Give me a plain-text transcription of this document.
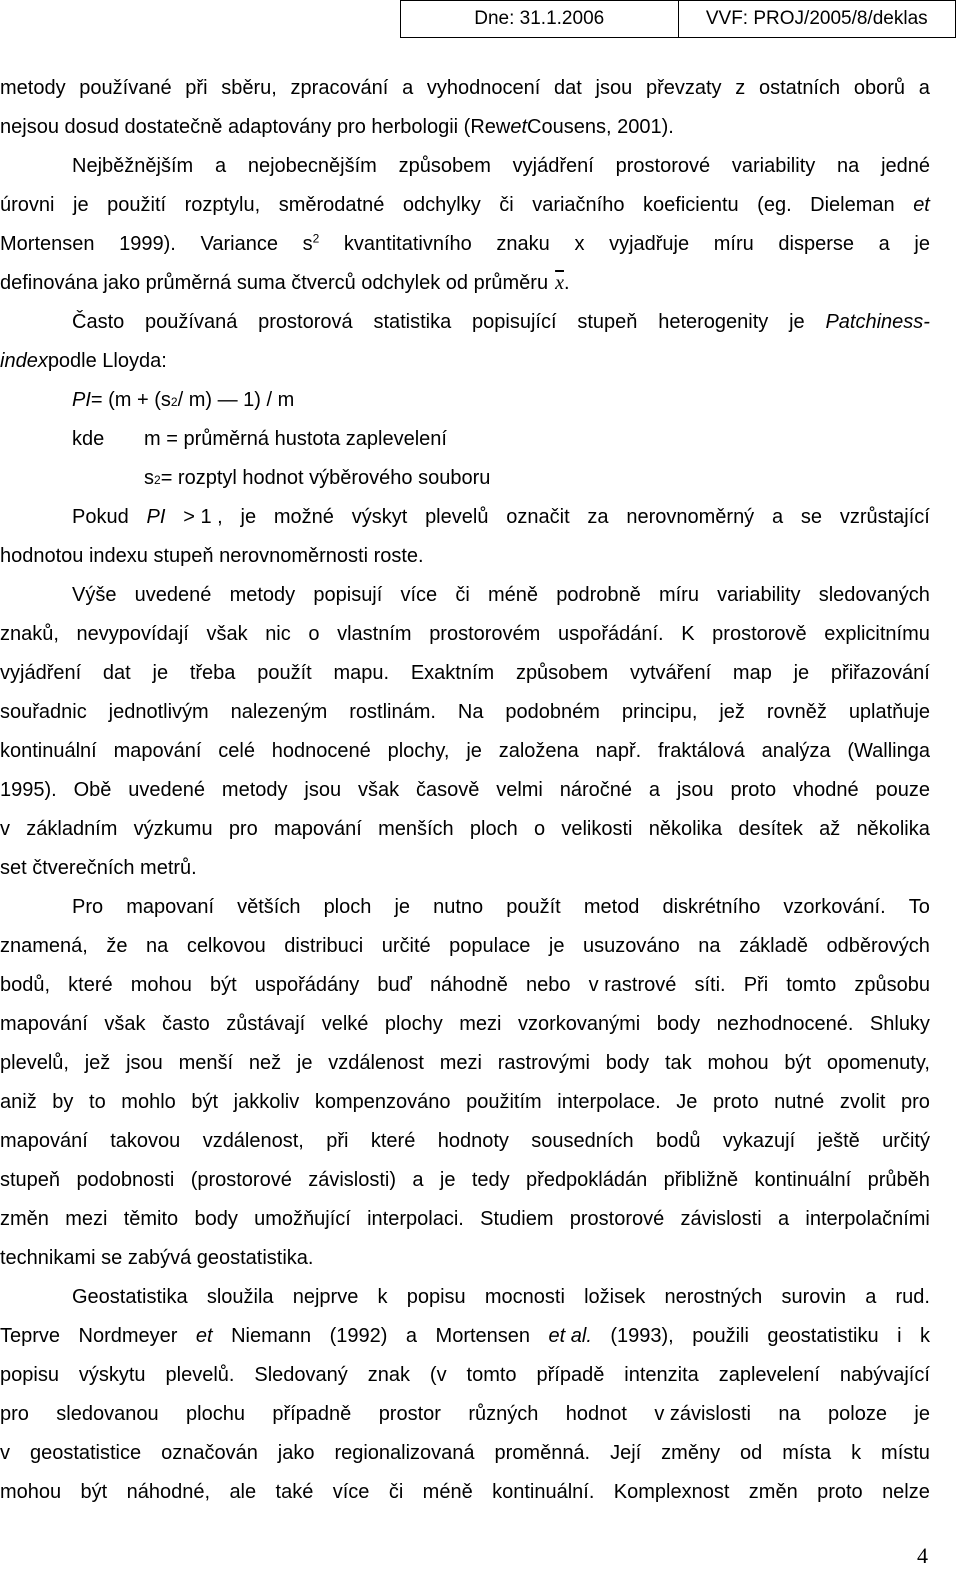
Dne: 31.1.2006	VVF: PROJ/2005/8/deklas
metody používané při sběru, zpracování a vyhodnocení dat jsou převzaty z ostatních oborů a
nejsou dosud dostatečně adaptovány pro herbologii (Rew et Cousens, 2001).
Nejběžnějším a nejobecnějším způsobem vyjádření prostorové variability na jedné
úrovni je použití rozptylu, směrodatné odchylky či variačního koeficientu (eg. Dieleman et
Mortensen 1999). Variance $s^2$ kvantitativního znaku x vyjadřuje míru disperse a je
definována jako průměrná suma čtverců odchylek od průměru $\overline{x}$ .
Často používaná prostorová statistika popisující stupeň heterogenity je Patchiness-
index podle Lloyda:
PI = (m + (s 2 / m) — 1) / m
kde	m = průměrná hustota zaplevelení
s 2 = rozptyl hodnot výběrového souboru
Pokud PI > 1 , je možné výskyt plevelů označit za nerovnoměrný a se vzrůstající
hodnotou indexu stupeň nerovnoměrnosti roste.
Výše uvedené metody popisují více či méně podrobně míru variability sledovaných
znaků, nevypovídají však nic o vlastním prostorovém uspořádání. K prostorově explicitnímu
vyjádření dat je třeba použít mapu. Exaktním způsobem vytváření map je přiřazování
souřadnic jednotlivým nalezeným rostlinám. Na podobném principu, jež rovněž uplatňuje
kontinuální mapování celé hodnocené plochy, je založena např. fraktálová analýza (Wallinga
1995). Obě uvedené metody jsou však časově velmi náročné a jsou proto vhodné pouze
v základním výzkumu pro mapování menších ploch o velikosti několika desítek až několika
set čtverečních metrů.
Pro mapovaní větších ploch je nutno použít metod diskrétního vzorkování. To
znamená, že na celkovou distribuci určité populace je usuzováno na základě odběrových
bodů, které mohou být uspořádány buď náhodně nebo v rastrové síti. Při tomto způsobu
mapování však často zůstávají velké plochy mezi vzorkovanými body nezhodnocené. Shluky
plevelů, jež jsou menší než je vzdálenost mezi rastrovými body tak mohou být opomenuty,
aniž by to mohlo být jakkoliv kompenzováno použitím interpolace. Je proto nutné zvolit pro
mapování takovou vzdálenost, při které hodnoty sousedních bodů vykazují ještě určitý
stupeň podobnosti (prostorové závislosti) a je tedy předpokládán přibližně kontinuální průběh
změn mezi těmito body umožňující interpolaci. Studiem prostorové závislosti a interpolačními
technikami se zabývá geostatistika.
Geostatistika sloužila nejprve k popisu mocnosti ložisek nerostných surovin a rud.
Teprve Nordmeyer et Niemann (1992) a Mortensen et al. (1993), použili geostatistiku i k
popisu výskytu plevelů. Sledovaný znak (v tomto případě intenzita zaplevelení nabývající
pro sledovanou plochu případně prostor různých hodnot v závislosti na poloze je
v geostatistice označován jako regionalizovaná proměnná. Její změny od místa k místu
mohou být náhodné, ale také více či méně kontinuální. Komplexnost změn proto nelze
4
